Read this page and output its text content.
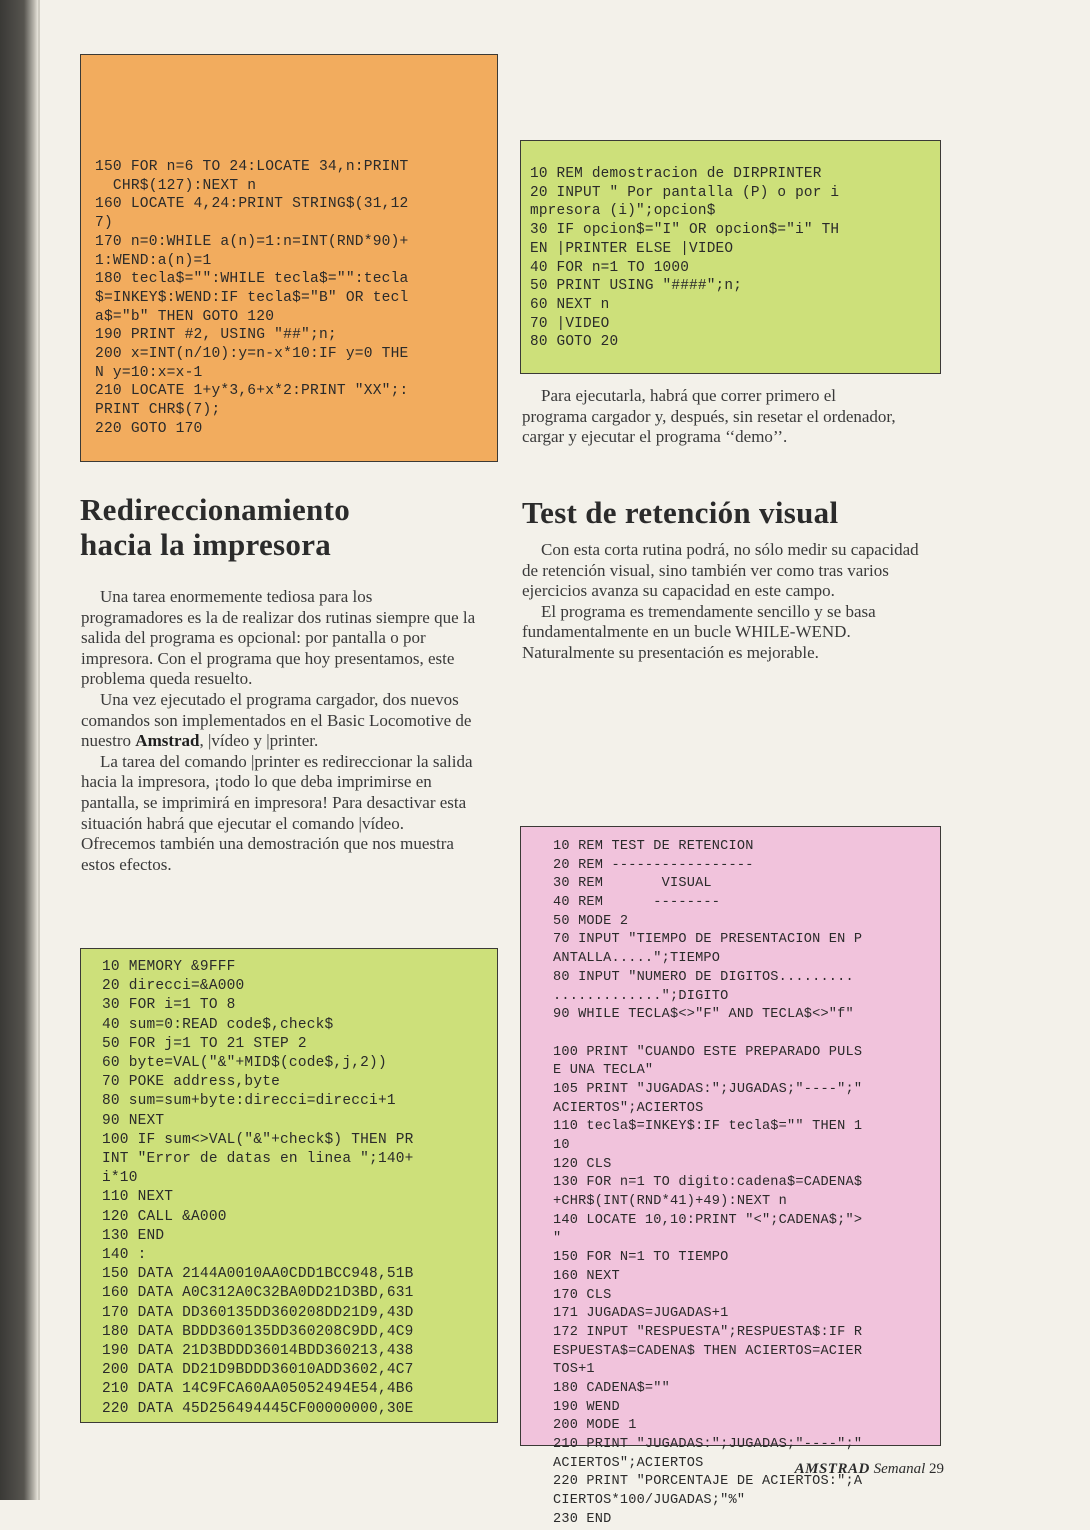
150 FOR n=6 TO 24:LOCATE 34,n:PRINT
CHR$(127):NEXT n
160 LOCATE 4,24:PRINT STRING$(31,12
7)
170 n=0:WHILE a(n)=1:n=INT(RND*90)+
1:WEND:a(n)=1
180 tecla$="":WHILE tecla$="":tecla
$=INKEY$:WEND:IF tecla$="B" OR tecl
a$="b" THEN GOTO 120
190 PRINT #2, USING "##";n;
200 x=INT(n/10):y=n-x*10:IF y=0 THE
N y=10:x=x-1
210 LOCATE 1+y*3,6+x*2:PRINT "XX";:
PRINT CHR$(7);
220 GOTO 170
10 REM demostracion de DIRPRINTER
20 INPUT " Por pantalla (P) o por i
mpresora (i)";opcion$
30 IF opcion$="I" OR opcion$="i" TH
EN |PRINTER ELSE |VIDEO
40 FOR n=1 TO 1000
50 PRINT USING "####";n;
60 NEXT n
70 |VIDEO
80 GOTO 20

Para ejecutarla, habrá que correr primero el programa cargador y, después, sin resetar el ordenador, cargar y ejecutar el programa ‘‘demo’’.

Redireccionamiento
hacia la impresora

Una tarea enormemente tediosa para los programadores es la de realizar dos rutinas siempre que la salida del programa es opcional: por pantalla o por impresora. Con el programa que hoy presentamos, este problema queda resuelto.

Una vez ejecutado el programa cargador, dos nuevos comandos son implementados en el Basic Locomotive de nuestro Amstrad, |vídeo y |printer.

La tarea del comando |printer es redireccionar la salida hacia la impresora, ¡todo lo que deba imprimirse en pantalla, se imprimirá en impresora! Para desactivar esta situación habrá que ejecutar el comando |vídeo. Ofrecemos también una demostración que nos muestra estos efectos.

Test de retención visual

Con esta corta rutina podrá, no sólo medir su capacidad de retención visual, sino también ver como tras varios ejercicios avanza su capacidad en este campo.

El programa es tremendamente sencillo y se basa fundamentalmente en un bucle WHILE-WEND. Naturalmente su presentación es mejorable.

10 MEMORY &9FFF
20 direcci=&A000
30 FOR i=1 TO 8
40 sum=0:READ code$,check$
50 FOR j=1 TO 21 STEP 2
60 byte=VAL("&"+MID$(code$,j,2))
70 POKE address,byte
80 sum=sum+byte:direcci=direcci+1
90 NEXT
100 IF sum<>VAL("&"+check$) THEN PR
INT "Error de datas en linea ";140+
i*10
110 NEXT
120 CALL &A000
130 END
140 :
150 DATA 2144A0010AA0CDD1BCC948,51B
160 DATA A0C312A0C32BA0DD21D3BD,631
170 DATA DD360135DD360208DD21D9,43D
180 DATA BDDD360135DD360208C9DD,4C9
190 DATA 21D3BDDD36014BDD360213,438
200 DATA DD21D9BDDD36010ADD3602,4C7
210 DATA 14C9FCA60AA05052494E54,4B6
220 DATA 45D256494445CF00000000,30E
10 REM TEST DE RETENCION
20 REM -----------------
30 REM       VISUAL
40 REM      --------
50 MODE 2
70 INPUT "TIEMPO DE PRESENTACION EN P
ANTALLA.....";TIEMPO
80 INPUT "NUMERO DE DIGITOS.........
.............";DIGITO
90 WHILE TECLA$<>"F" AND TECLA$<>"f"
100 PRINT "CUANDO ESTE PREPARADO PULS
E UNA TECLA"
105 PRINT "JUGADAS:";JUGADAS;"----";"
ACIERTOS";ACIERTOS
110 tecla$=INKEY$:IF tecla$="" THEN 1
10
120 CLS
130 FOR n=1 TO digito:cadena$=CADENA$
+CHR$(INT(RND*41)+49):NEXT n
140 LOCATE 10,10:PRINT "<";CADENA$;">
"
150 FOR N=1 TO TIEMPO
160 NEXT
170 CLS
171 JUGADAS=JUGADAS+1
172 INPUT "RESPUESTA";RESPUESTA$:IF R
ESPUESTA$=CADENA$ THEN ACIERTOS=ACIER
TOS+1
180 CADENA$=""
190 WEND
200 MODE 1
210 PRINT "JUGADAS:";JUGADAS;"----";"
ACIERTOS";ACIERTOS
220 PRINT "PORCENTAJE DE ACIERTOS:";A
CIERTOS*100/JUGADAS;"%"
230 END
AMSTRAD Semanal 29
